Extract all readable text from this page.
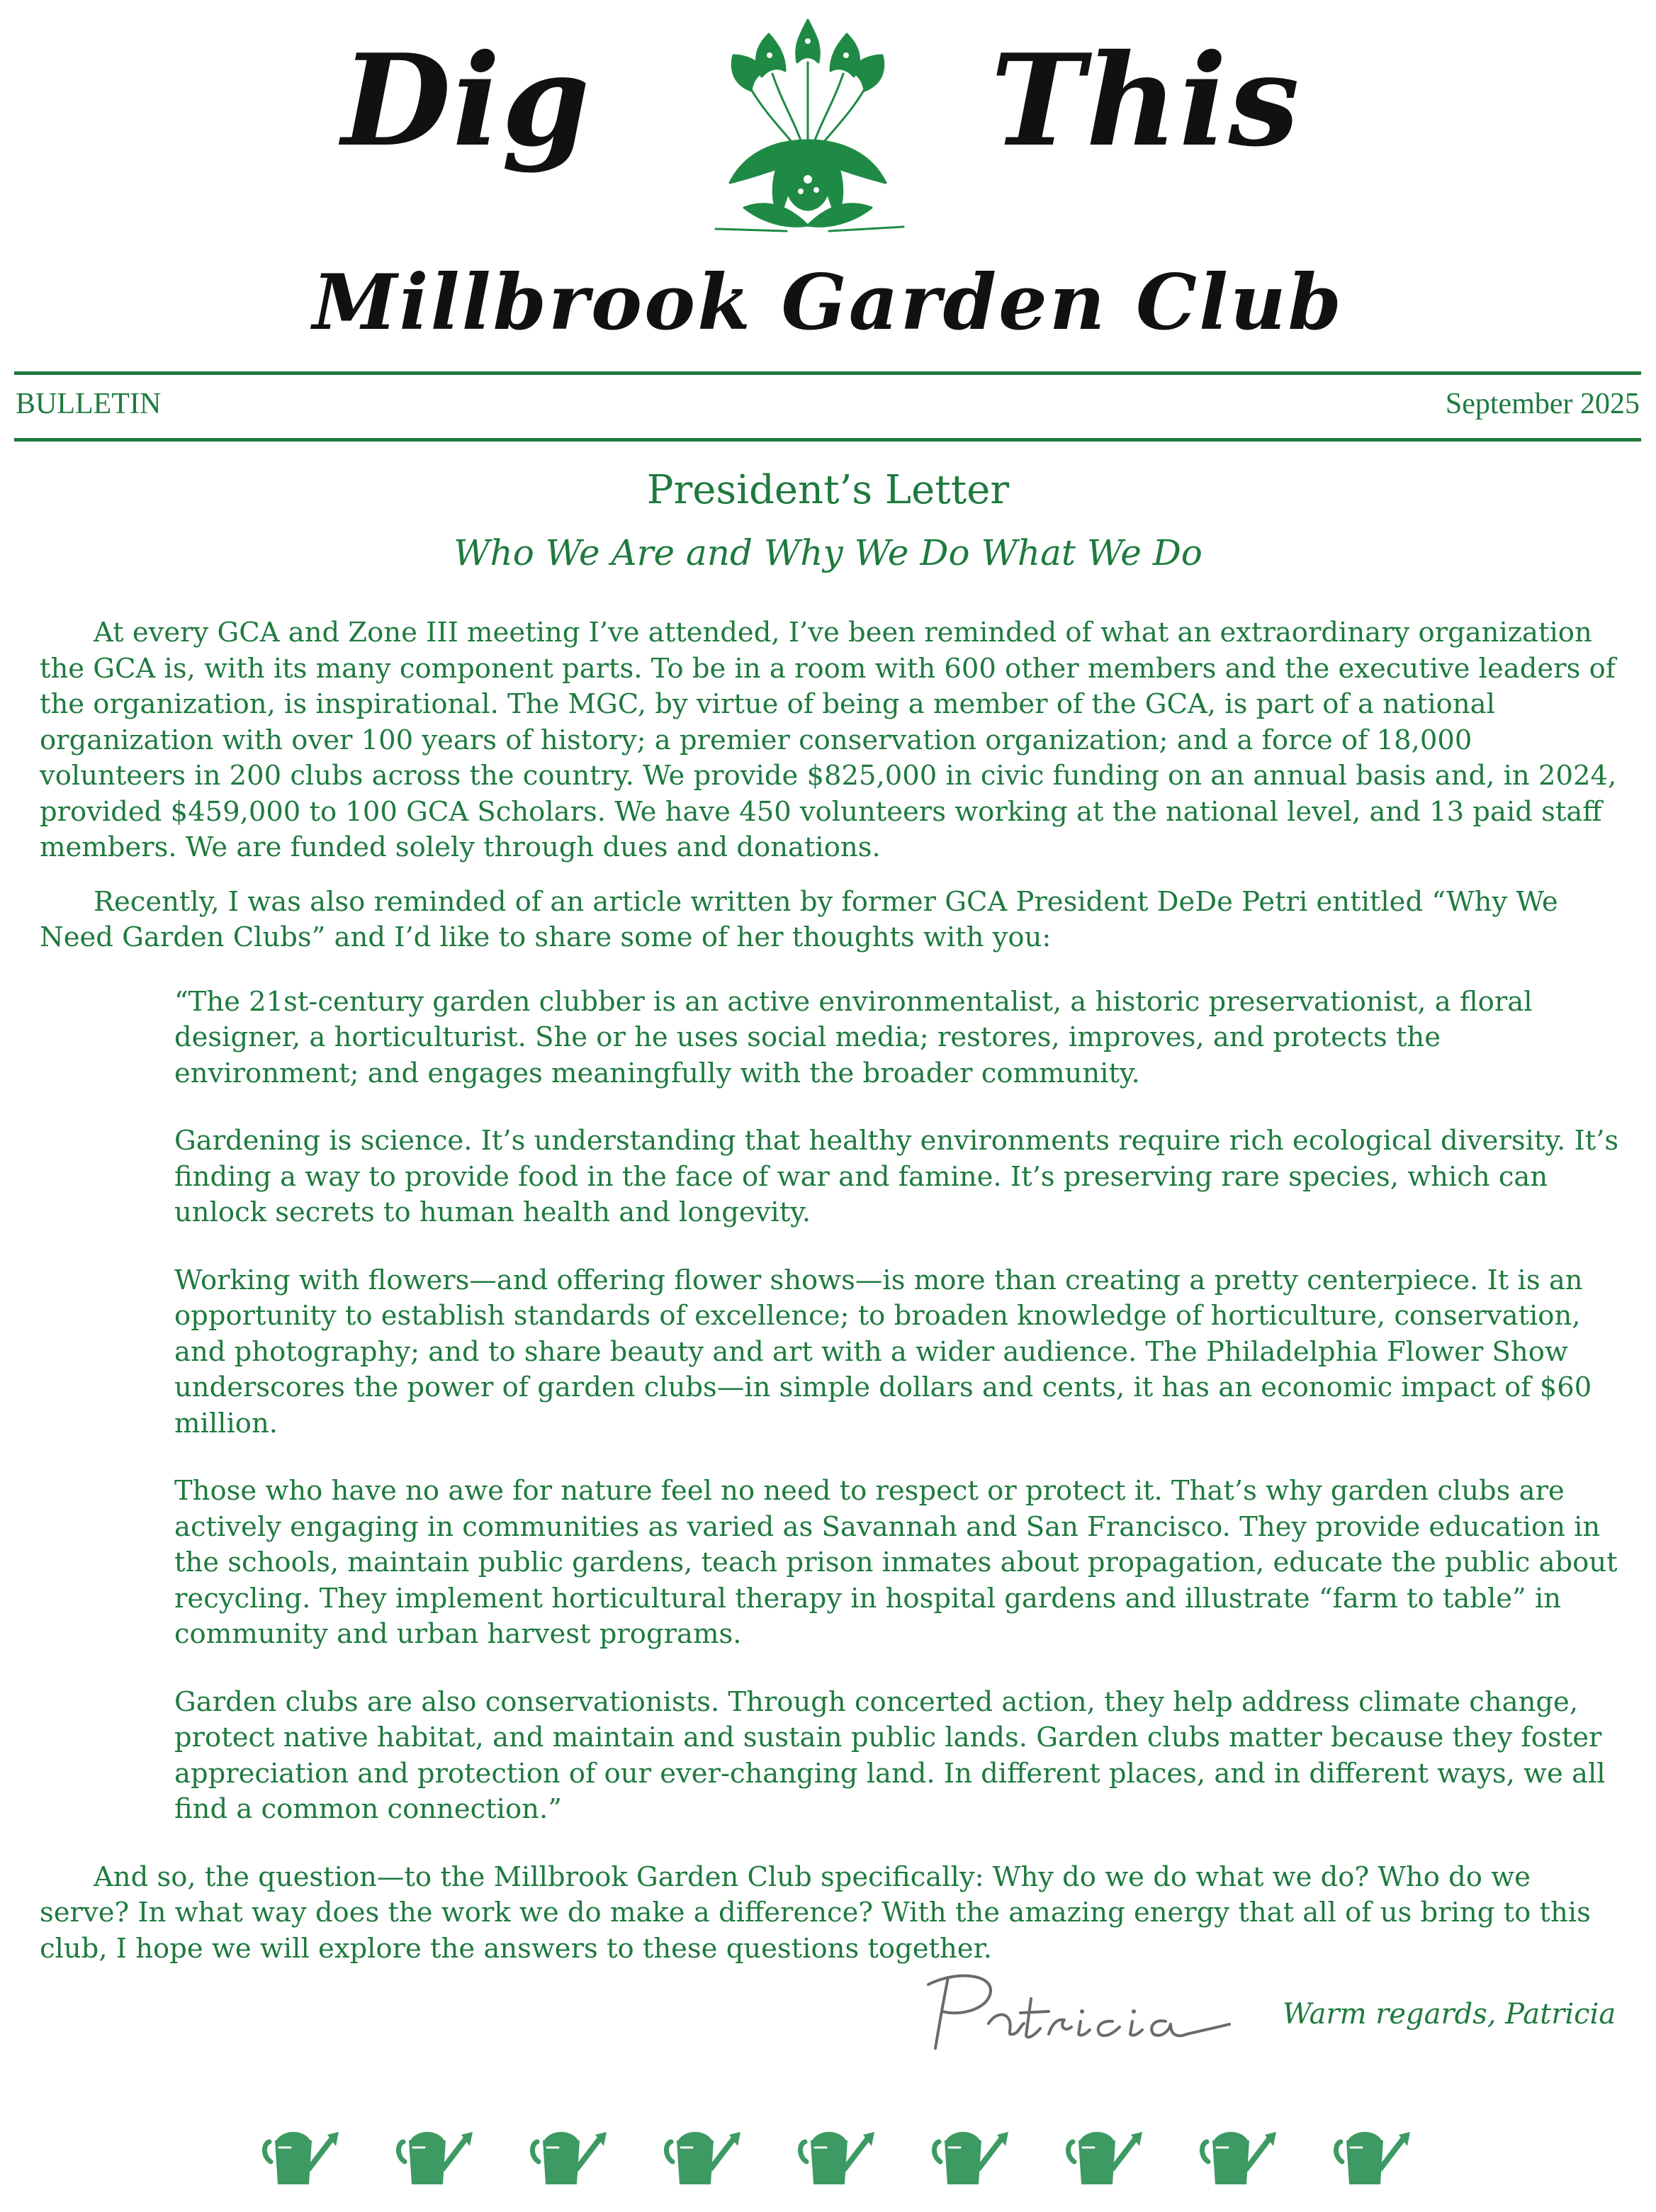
Dig	This
Millbrook Garden Club
BULLETIN	September 2025
President’s Letter
Who We Are and Why We Do What We Do

At every GCA and Zone III meeting I’ve attended, I’ve been reminded of what an extraordinary organization the GCA is, with its many component parts. To be in a room with 600 other members and the executive leaders of the organization, is inspirational. The MGC, by virtue of being a member of the GCA, is part of a national organization with over 100 years of history; a premier conservation organization; and a force of 18,000 volunteers in 200 clubs across the country. We provide $825,000 in civic funding on an annual basis and, in 2024, provided $459,000 to 100 GCA Scholars. We have 450 volunteers working at the national level, and 13 paid staff members. We are funded solely through dues and donations.

Recently, I was also reminded of an article written by former GCA President DeDe Petri entitled “Why We Need Garden Clubs” and I’d like to share some of her thoughts with you:

“The 21st-century garden clubber is an active environmentalist, a historic preservationist, a floral designer, a horticulturist. She or he uses social media; restores, improves, and protects the environment; and engages meaningfully with the broader community.

Gardening is science. It’s understanding that healthy environments require rich ecological diversity. It’s finding a way to provide food in the face of war and famine. It’s preserving rare species, which can unlock secrets to human health and longevity.

Working with flowers—and offering flower shows—is more than creating a pretty centerpiece. It is an opportunity to establish standards of excellence; to broaden knowledge of horticulture, conservation, and photography; and to share beauty and art with a wider audience. The Philadelphia Flower Show underscores the power of garden clubs—in simple dollars and cents, it has an economic impact of $60 million.

Those who have no awe for nature feel no need to respect or protect it. That’s why garden clubs are actively engaging in communities as varied as Savannah and San Francisco. They provide education in the schools, maintain public gardens, teach prison inmates about propagation, educate the public about recycling. They implement horticultural therapy in hospital gardens and illustrate “farm to table” in community and urban harvest programs.

Garden clubs are also conservationists. Through concerted action, they help address climate change, protect native habitat, and maintain and sustain public lands. Garden clubs matter because they foster appreciation and protection of our ever-changing land. In different places, and in different ways, we all find a common connection.”

And so, the question—to the Millbrook Garden Club specifically: Why do we do what we do? Who do we serve? In what way does the work we do make a difference? With the amazing energy that all of us bring to this club, I hope we will explore the answers to these questions together.

Warm regards, Patricia
